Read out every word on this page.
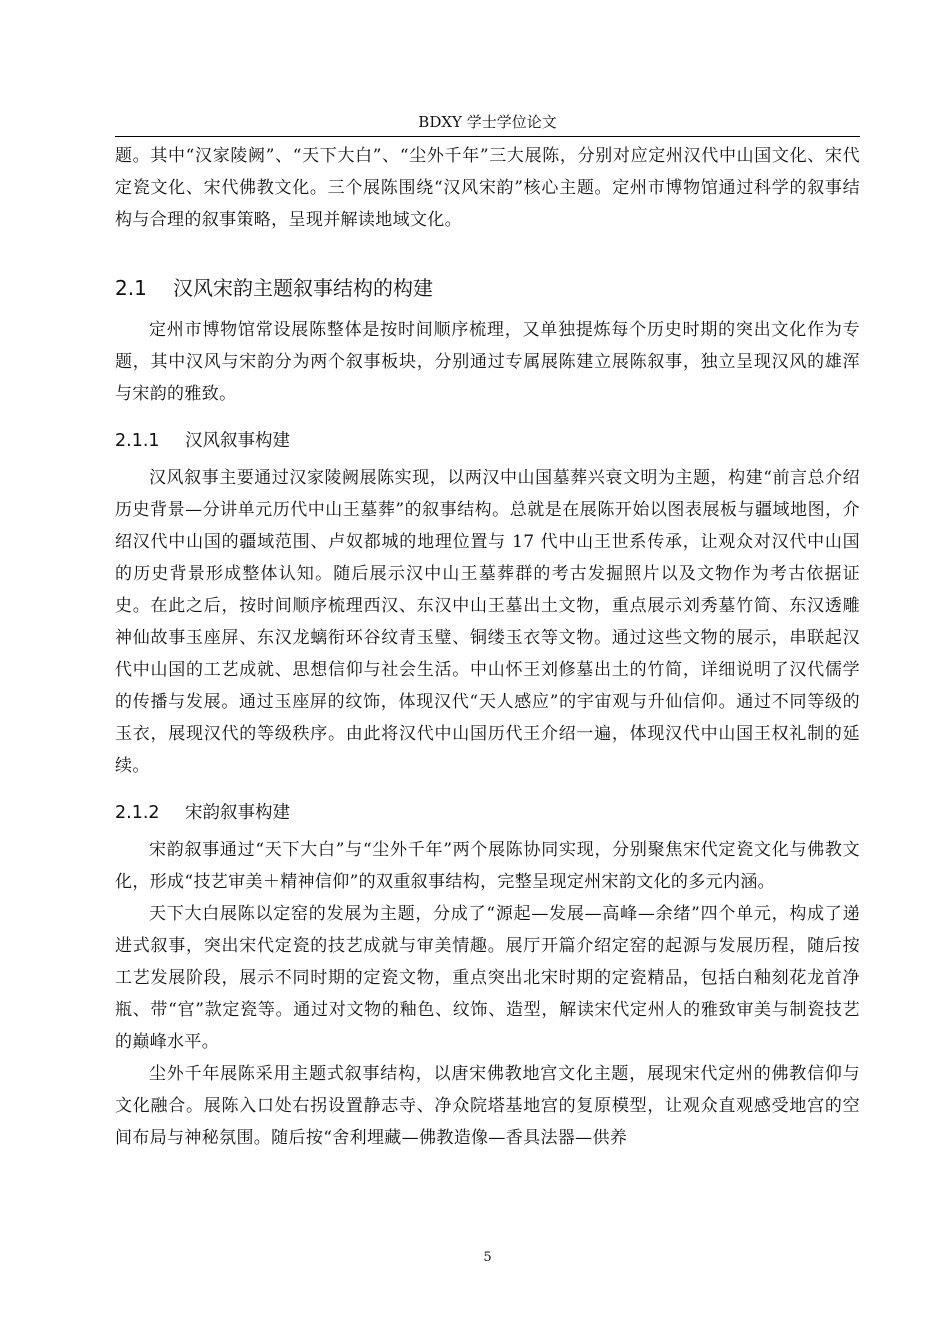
BDXY 学士学位论文

题。其中“汉家陵阙”、“天下大白”、“尘外千年”三大展陈，分别对应定州汉代中山国文化、宋代定瓷文化、宋代佛教文化。三个展陈围绕“汉风宋韵”核心主题。定州市博物馆通过科学的叙事结构与合理的叙事策略，呈现并解读地域文化。

2.1 汉风宋韵主题叙事结构的构建

定州市博物馆常设展陈整体是按时间顺序梳理，又单独提炼每个历史时期的突出文化作为专题，其中汉风与宋韵分为两个叙事板块，分别通过专属展陈建立展陈叙事，独立呈现汉风的雄浑与宋韵的雅致。

2.1.1 汉风叙事构建

汉风叙事主要通过汉家陵阙展陈实现，以两汉中山国墓葬兴衰文明为主题，构建“前言总介绍历史背景—分讲单元历代中山王墓葬”的叙事结构。总就是在展陈开始以图表展板与疆域地图，介绍汉代中山国的疆域范围、卢奴都城的地理位置与 17 代中山王世系传承，让观众对汉代中山国的历史背景形成整体认知。随后展示汉中山王墓葬群的考古发掘照片以及文物作为考古依据证史。在此之后，按时间顺序梳理西汉、东汉中山王墓出土文物，重点展示刘秀墓竹简、东汉透雕神仙故事玉座屏、东汉龙螭衔环谷纹青玉璧、铜缕玉衣等文物。通过这些文物的展示，串联起汉代中山国的工艺成就、思想信仰与社会生活。中山怀王刘修墓出土的竹简，详细说明了汉代儒学的传播与发展。通过玉座屏的纹饰，体现汉代“天人感应”的宇宙观与升仙信仰。通过不同等级的玉衣，展现汉代的等级秩序。由此将汉代中山国历代王介绍一遍，体现汉代中山国王权礼制的延续。

2.1.2 宋韵叙事构建

宋韵叙事通过“天下大白”与“尘外千年”两个展陈协同实现，分别聚焦宋代定瓷文化与佛教文化，形成“技艺审美＋精神信仰”的双重叙事结构，完整呈现定州宋韵文化的多元内涵。

天下大白展陈以定窑的发展为主题，分成了“源起—发展—高峰—余绪”四个单元，构成了递进式叙事，突出宋代定瓷的技艺成就与审美情趣。展厅开篇介绍定窑的起源与发展历程，随后按工艺发展阶段，展示不同时期的定瓷文物，重点突出北宋时期的定瓷精品，包括白釉刻花龙首净瓶、带“官”款定瓷等。通过对文物的釉色、纹饰、造型，解读宋代定州人的雅致审美与制瓷技艺的巅峰水平。

尘外千年展陈采用主题式叙事结构，以唐宋佛教地宫文化主题，展现宋代定州的佛教信仰与文化融合。展陈入口处右拐设置静志寺、净众院塔基地宫的复原模型，让观众直观感受地宫的空间布局与神秘氛围。随后按“舍利埋藏—佛教造像—香具法器—供养

5
